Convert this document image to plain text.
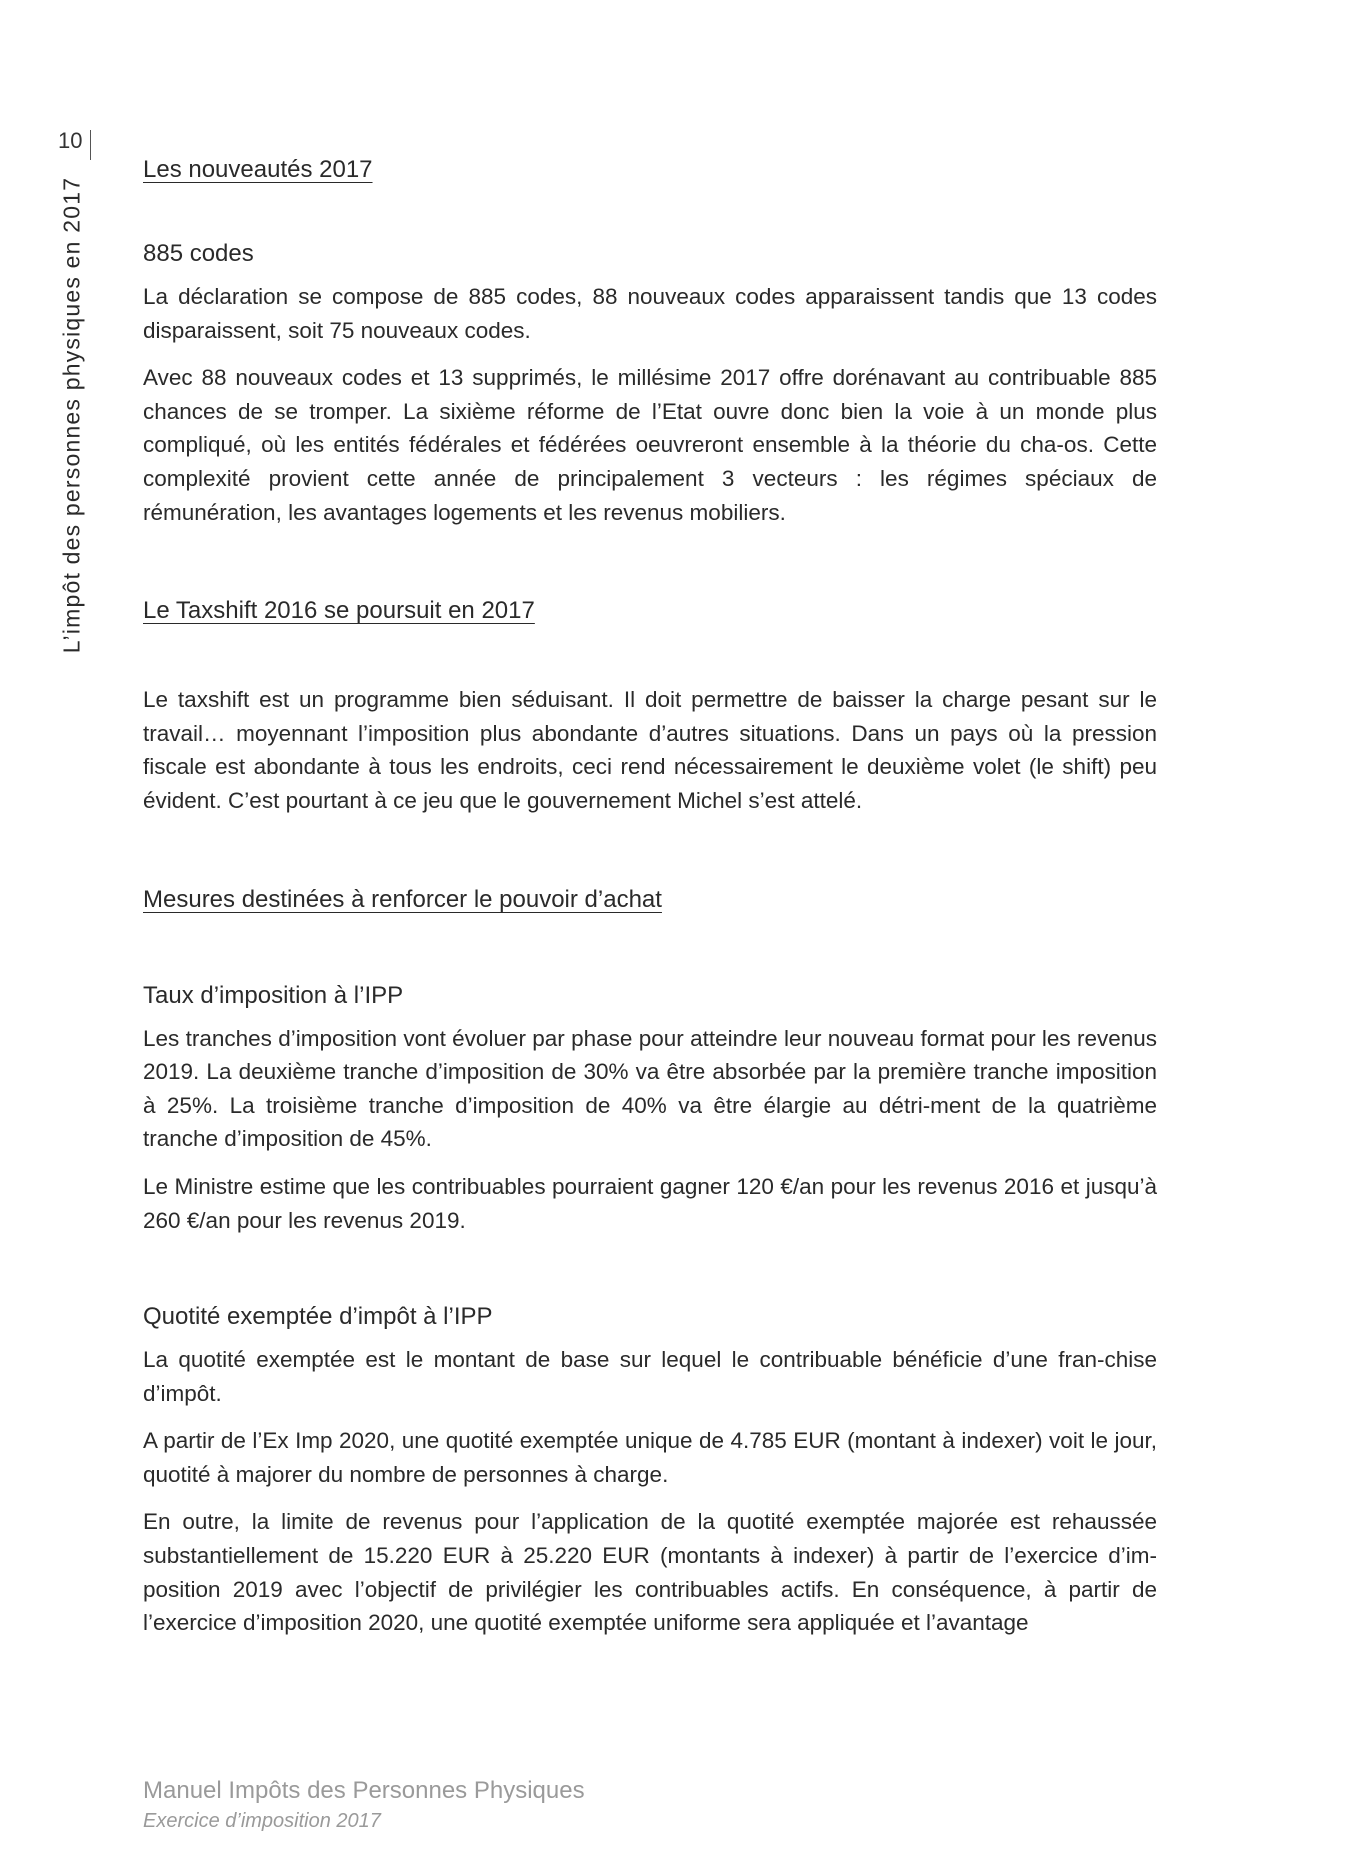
10
L’impôt des personnes physiques en 2017
Les nouveautés 2017
885 codes

La déclaration se compose de 885 codes, 88 nouveaux codes apparaissent tandis que 13 codes disparaissent, soit 75 nouveaux codes.

Avec 88 nouveaux codes et 13 supprimés, le millésime 2017 offre dorénavant au contribuable 885 chances de se tromper. La sixième réforme de l’Etat ouvre donc bien la voie à un monde plus compliqué, où les entités fédérales et fédérées oeuvreront ensemble à la théorie du cha-os. Cette complexité provient cette année de principalement 3 vecteurs : les régimes spéciaux de rémunération, les avantages logements et les revenus mobiliers.

Le Taxshift 2016 se poursuit en 2017

Le taxshift est un programme bien séduisant. Il doit permettre de baisser la charge pesant sur le travail… moyennant l’imposition plus abondante d’autres situations. Dans un pays où la pression fiscale est abondante à tous les endroits, ceci rend nécessairement le deuxième volet (le shift) peu évident. C’est pourtant à ce jeu que le gouvernement Michel s’est attelé.

Mesures destinées à renforcer le pouvoir d’achat
Taux d’imposition à l’IPP

Les tranches d’imposition vont évoluer par phase pour atteindre leur nouveau format pour les revenus 2019. La deuxième tranche d’imposition de 30% va être absorbée par la première tranche imposition à 25%. La troisième tranche d’imposition de 40% va être élargie au détri-ment de la quatrième tranche d’imposition de 45%.

Le Ministre estime que les contribuables pourraient gagner 120 €/an pour les revenus 2016 et jusqu’à 260 €/an pour les revenus 2019.

Quotité exemptée d’impôt à l’IPP

La quotité exemptée est le montant de base sur lequel le contribuable bénéficie d’une fran-chise d’impôt.

A partir de l’Ex Imp 2020, une quotité exemptée unique de 4.785 EUR (montant à indexer) voit le jour, quotité à majorer du nombre de personnes à charge.

En outre, la limite de revenus pour l’application de la quotité exemptée majorée est rehaussée substantiellement de 15.220 EUR à 25.220 EUR (montants à indexer) à partir de l’exercice d’im-position 2019 avec l’objectif de privilégier les contribuables actifs. En conséquence, à partir de l’exercice d’imposition 2020, une quotité exemptée uniforme sera appliquée et l’avantage

Manuel Impôts des Personnes Physiques
Exercice d’imposition 2017
